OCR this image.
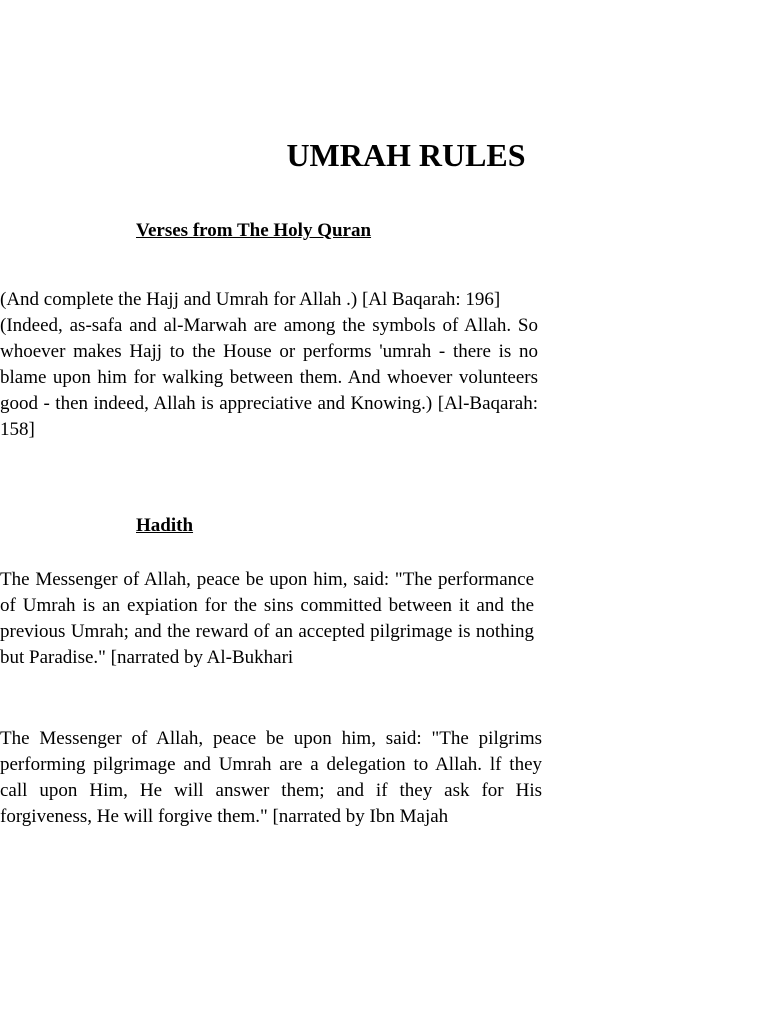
UMRAH RULES
Verses from The Holy Quran
(And complete the Hajj and Umrah for Allah .) [Al Baqarah: 196]
(Indeed, as-safa and al-Marwah are among the symbols of Allah. So whoever makes Hajj to the House or performs 'umrah - there is no blame upon him for walking between them. And whoever volunteers good - then indeed, Allah is appreciative and Knowing.) [Al-Baqarah: 158]
Hadith
The Messenger of Allah, peace be upon him, said: "The performance of Umrah is an expiation for the sins committed between it and the previous Umrah; and the reward of an accepted pilgrimage is nothing but Paradise." [narrated by Al-Bukhari
The Messenger of Allah, peace be upon him, said: "The pilgrims performing pilgrimage and Umrah are a delegation to Allah. lf they call upon Him, He will answer them; and if they ask for His forgiveness, He will forgive them." [narrated by Ibn Majah
